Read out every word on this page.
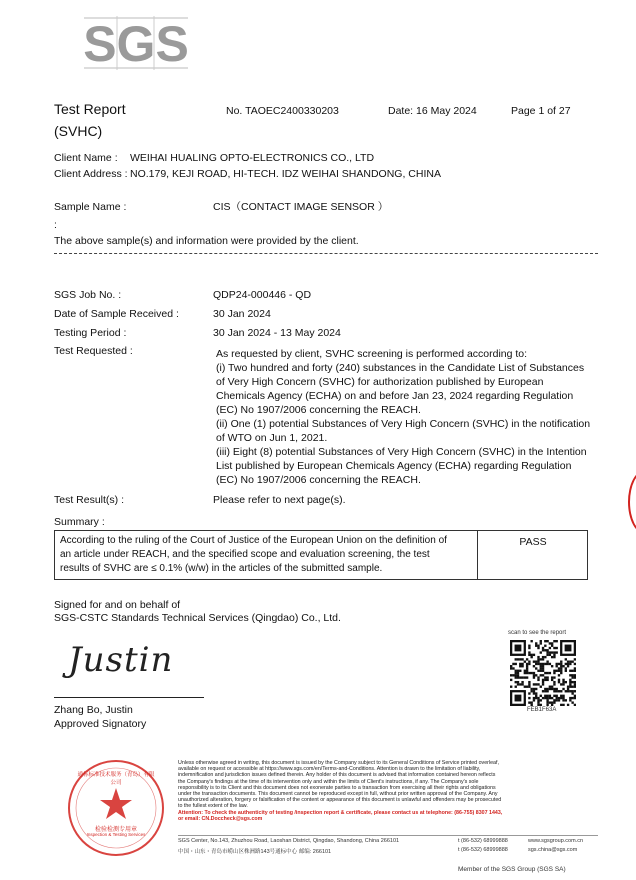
SGS
Test Report
(SVHC)
No. TAOEC2400330203	Date: 16 May 2024	Page 1 of 27
Client Name : WEIHAI HUALING OPTO-ELECTRONICS CO., LTD
Client Address : NO.179, KEJI ROAD, HI-TECH. IDZ WEIHAI SHANDONG, CHINA
Sample Name :	CIS（CONTACT IMAGE SENSOR ）
:
The above sample(s) and information were provided by the client.
SGS Job No. :	QDP24-000446 - QD
Date of Sample Received :	30 Jan 2024
Testing Period :	30 Jan 2024 - 13 May 2024
Test Requested :	As requested by client, SVHC screening is performed according to:
(i) Two hundred and forty (240) substances in the Candidate List of Substances
of Very High Concern (SVHC) for authorization published by European
Chemicals Agency (ECHA) on and before Jan 23, 2024 regarding Regulation
(EC) No 1907/2006 concerning the REACH.
(ii) One (1) potential Substances of Very High Concern (SVHC) in the notification
of WTO on Jun 1, 2021.
(iii) Eight (8) potential Substances of Very High Concern (SVHC) in the Intention
List published by European Chemicals Agency (ECHA) regarding Regulation
(EC) No 1907/2006 concerning the REACH.
Test Result(s) :	Please refer to next page(s).
Summary :
According to the ruling of the Court of Justice of the European Union on the definition of
an article under REACH, and the specified scope and evaluation screening, the test
results of SVHC are ≤ 0.1% (w/w) in the articles of the submitted sample.
PASS
Signed for and on behalf of
SGS-CSTC Standards Technical Services (Qingdao) Co., Ltd.
Justin
Zhang Bo, Justin
Approved Signatory
scan to see the report
FEB1F63A
通标标准技术服务（青岛）有限公司
检验检测专用章
Inspection & Testing Services
Unless otherwise agreed in writing, this document is issued by the Company subject to its General Conditions of Service printed overleaf,
available on request or accessible at https://www.sgs.com/en/Terms-and-Conditions. Attention is drawn to the limitation of liability,
indemnification and jurisdiction issues defined therein. Any holder of this document is advised that information contained hereon reflects
the Company's findings at the time of its intervention only and within the limits of Client's instructions, if any. The Company's sole
responsibility is to its Client and this document does not exonerate parties to a transaction from exercising all their rights and obligations
under the transaction documents. This document cannot be reproduced except in full, without prior written approval of the Company. Any
unauthorized alteration, forgery or falsification of the content or appearance of this document is unlawful and offenders may be prosecuted
to the fullest extent of the law.
Attention: To check the authenticity of testing /inspection report & certificate, please contact us at telephone: (86-755) 8307 1443,
or email: CN.Doccheck@sgs.com
SGS Center, No.143, Zhuzhou Road, Laoshan District, Qingdao, Shandong, China 266101
中国・山东・青岛市崂山区株洲路143号通标中心 邮编: 266101
t (86-532) 68999888
t (86-532) 68999888
www.sgsgroup.com.cn
sgs.china@sgs.com
Member of the SGS Group (SGS SA)
